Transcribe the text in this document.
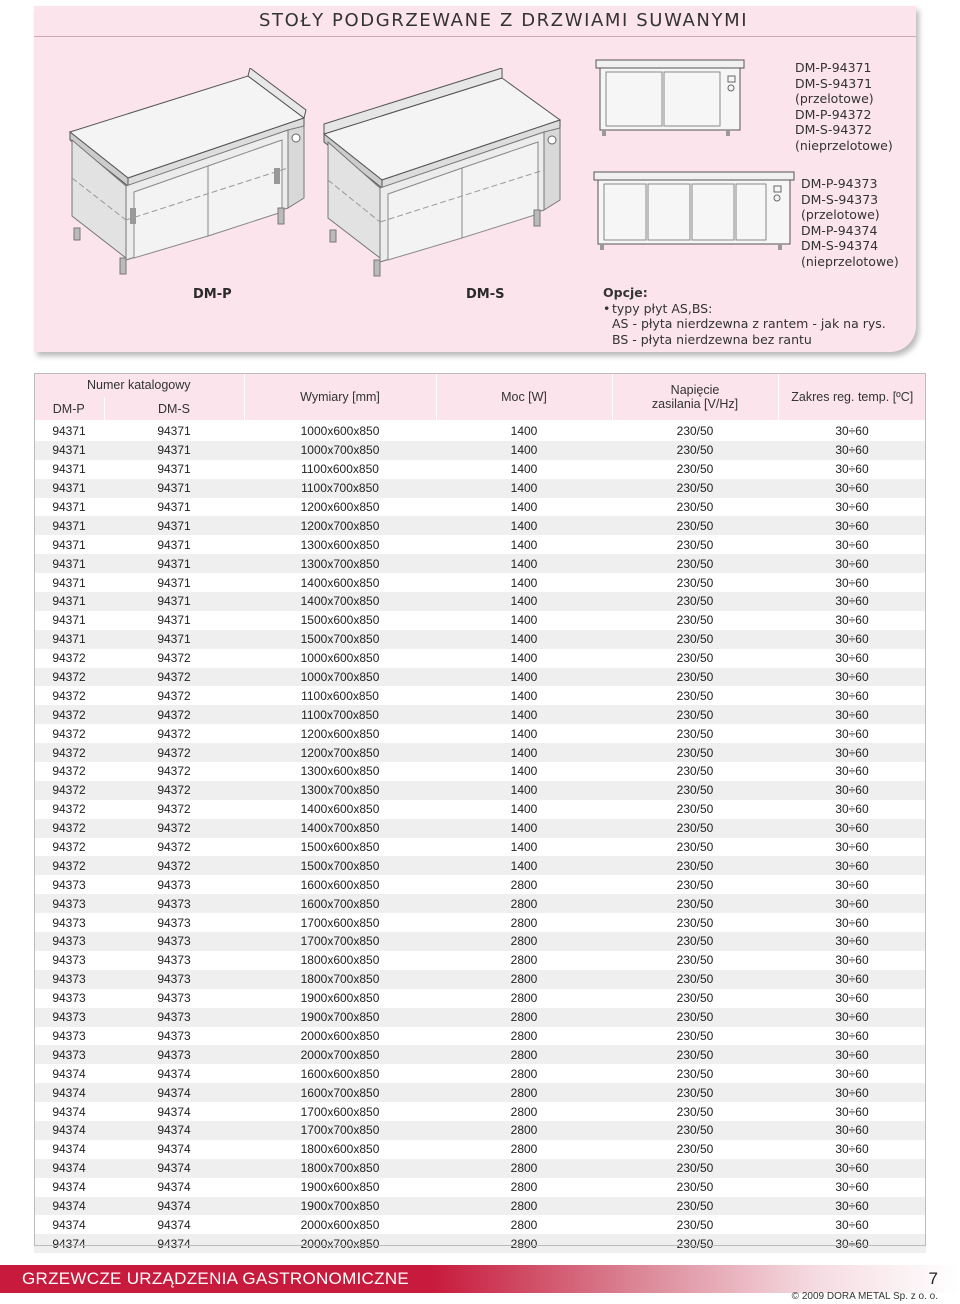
STOŁY PODGRZEWANE Z DRZWIAMI SUWANYMI
DM-P-94371
DM-S-94371
(przelotowe)
DM-P-94372
DM-S-94372
(nieprzelotowe)
DM-P-94373
DM-S-94373
(przelotowe)
DM-P-94374
DM-S-94374
(nieprzelotowe)
DM-P	DM-S	Opcje:
• typy płyt AS,BS:
AS - płyta nierdzewna z rantem - jak na rys.
BS - płyta nierdzewna bez rantu
Numer katalogowy		Wymiary [mm]	Moc [W]	Napięcie
zasilania [V/Hz]	Zakres reg. temp. [ºC]
DM-P	DM-S				
94371	94371	1000x600x850	1400	230/50	30÷60
94371	94371	1000x700x850	1400	230/50	30÷60
94371	94371	1100x600x850	1400	230/50	30÷60
94371	94371	1100x700x850	1400	230/50	30÷60
94371	94371	1200x600x850	1400	230/50	30÷60
94371	94371	1200x700x850	1400	230/50	30÷60
94371	94371	1300x600x850	1400	230/50	30÷60
94371	94371	1300x700x850	1400	230/50	30÷60
94371	94371	1400x600x850	1400	230/50	30÷60
94371	94371	1400x700x850	1400	230/50	30÷60
94371	94371	1500x600x850	1400	230/50	30÷60
94371	94371	1500x700x850	1400	230/50	30÷60
94372	94372	1000x600x850	1400	230/50	30÷60
94372	94372	1000x700x850	1400	230/50	30÷60
94372	94372	1100x600x850	1400	230/50	30÷60
94372	94372	1100x700x850	1400	230/50	30÷60
94372	94372	1200x600x850	1400	230/50	30÷60
94372	94372	1200x700x850	1400	230/50	30÷60
94372	94372	1300x600x850	1400	230/50	30÷60
94372	94372	1300x700x850	1400	230/50	30÷60
94372	94372	1400x600x850	1400	230/50	30÷60
94372	94372	1400x700x850	1400	230/50	30÷60
94372	94372	1500x600x850	1400	230/50	30÷60
94372	94372	1500x700x850	1400	230/50	30÷60
94373	94373	1600x600x850	2800	230/50	30÷60
94373	94373	1600x700x850	2800	230/50	30÷60
94373	94373	1700x600x850	2800	230/50	30÷60
94373	94373	1700x700x850	2800	230/50	30÷60
94373	94373	1800x600x850	2800	230/50	30÷60
94373	94373	1800x700x850	2800	230/50	30÷60
94373	94373	1900x600x850	2800	230/50	30÷60
94373	94373	1900x700x850	2800	230/50	30÷60
94373	94373	2000x600x850	2800	230/50	30÷60
94373	94373	2000x700x850	2800	230/50	30÷60
94374	94374	1600x600x850	2800	230/50	30÷60
94374	94374	1600x700x850	2800	230/50	30÷60
94374	94374	1700x600x850	2800	230/50	30÷60
94374	94374	1700x700x850	2800	230/50	30÷60
94374	94374	1800x600x850	2800	230/50	30÷60
94374	94374	1800x700x850	2800	230/50	30÷60
94374	94374	1900x600x850	2800	230/50	30÷60
94374	94374	1900x700x850	2800	230/50	30÷60
94374	94374	2000x600x850	2800	230/50	30÷60
94374	94374	2000x700x850	2800	230/50	30÷60
GRZEWCZE URZĄDZENIA GASTRONOMICZNE	7
© 2009 DORA METAL Sp. z o. o.
